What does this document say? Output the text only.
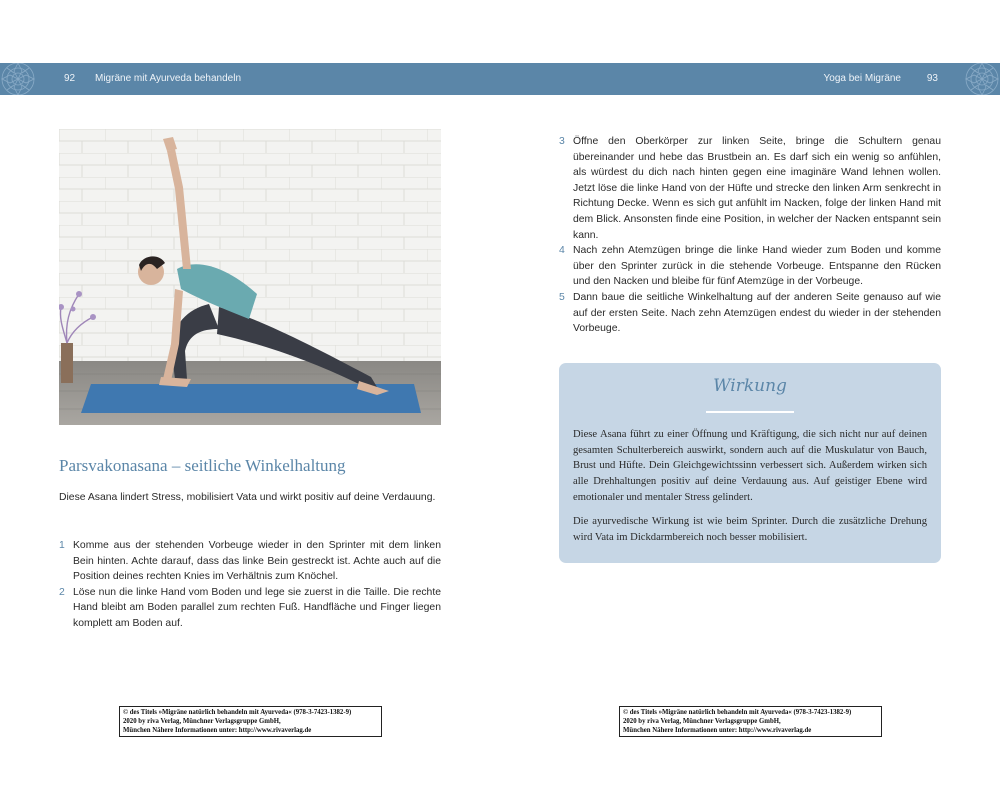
92 Migräne mit Ayurveda behandeln	Yoga bei Migräne	93
Parsvakonasana – seitliche Winkelhaltung

Diese Asana lindert Stress, mobilisiert Vata und wirkt positiv auf deine Verdauung.

1 Komme aus der stehenden Vorbeuge wieder in den Sprinter mit dem linken Bein hinten. Achte darauf, dass das linke Bein gestreckt ist. Achte auch auf die Position deines rechten Knies im Verhältnis zum Knöchel.
2 Löse nun die linke Hand vom Boden und lege sie zuerst in die Taille. Die rechte Hand bleibt am Boden parallel zum rechten Fuß. Handfläche und Finger liegen komplett am Boden auf.
3 Öffne den Oberkörper zur linken Seite, bringe die Schultern genau übereinander und hebe das Brustbein an. Es darf sich ein wenig so anfühlen, als würdest du dich nach hinten gegen eine imaginäre Wand lehnen wollen. Jetzt löse die linke Hand von der Hüfte und strecke den linken Arm senkrecht in Richtung Decke. Wenn es sich gut anfühlt im Nacken, folge der linken Hand mit dem Blick. Ansonsten finde eine Position, in welcher der Nacken entspannt sein kann.
4 Nach zehn Atemzügen bringe die linke Hand wieder zum Boden und komme über den Sprinter zurück in die stehende Vorbeuge. Entspanne den Rücken und den Nacken und bleibe für fünf Atemzüge in der Vorbeuge.
5 Dann baue die seitliche Winkelhaltung auf der anderen Seite genauso auf wie auf der ersten Seite. Nach zehn Atemzügen endest du wieder in der stehenden Vorbeuge.
Wirkung

Diese Asana führt zu einer Öffnung und Kräftigung, die sich nicht nur auf deinen gesamten Schulterbereich auswirkt, sondern auch auf die Muskulatur von Bauch, Brust und Hüfte. Dein Gleichgewichtssinn verbessert sich. Außerdem wirken sich alle Drehhaltungen positiv auf deine Verdauung aus. Auf geistiger Ebene wird emotionaler und mentaler Stress gelindert.

Die ayurvedische Wirkung ist wie beim Sprinter. Durch die zusätzliche Drehung wird Vata im Dickdarmbereich noch besser mobilisiert.

© des Titels »Migräne natürlich behandeln mit Ayurveda« (978-3-7423-1382-9)
2020 by riva Verlag, Münchner Verlagsgruppe GmbH,
München Nähere Informationen unter: http://www.rivaverlag.de
© des Titels »Migräne natürlich behandeln mit Ayurveda« (978-3-7423-1382-9)
2020 by riva Verlag, Münchner Verlagsgruppe GmbH,
München Nähere Informationen unter: http://www.rivaverlag.de
